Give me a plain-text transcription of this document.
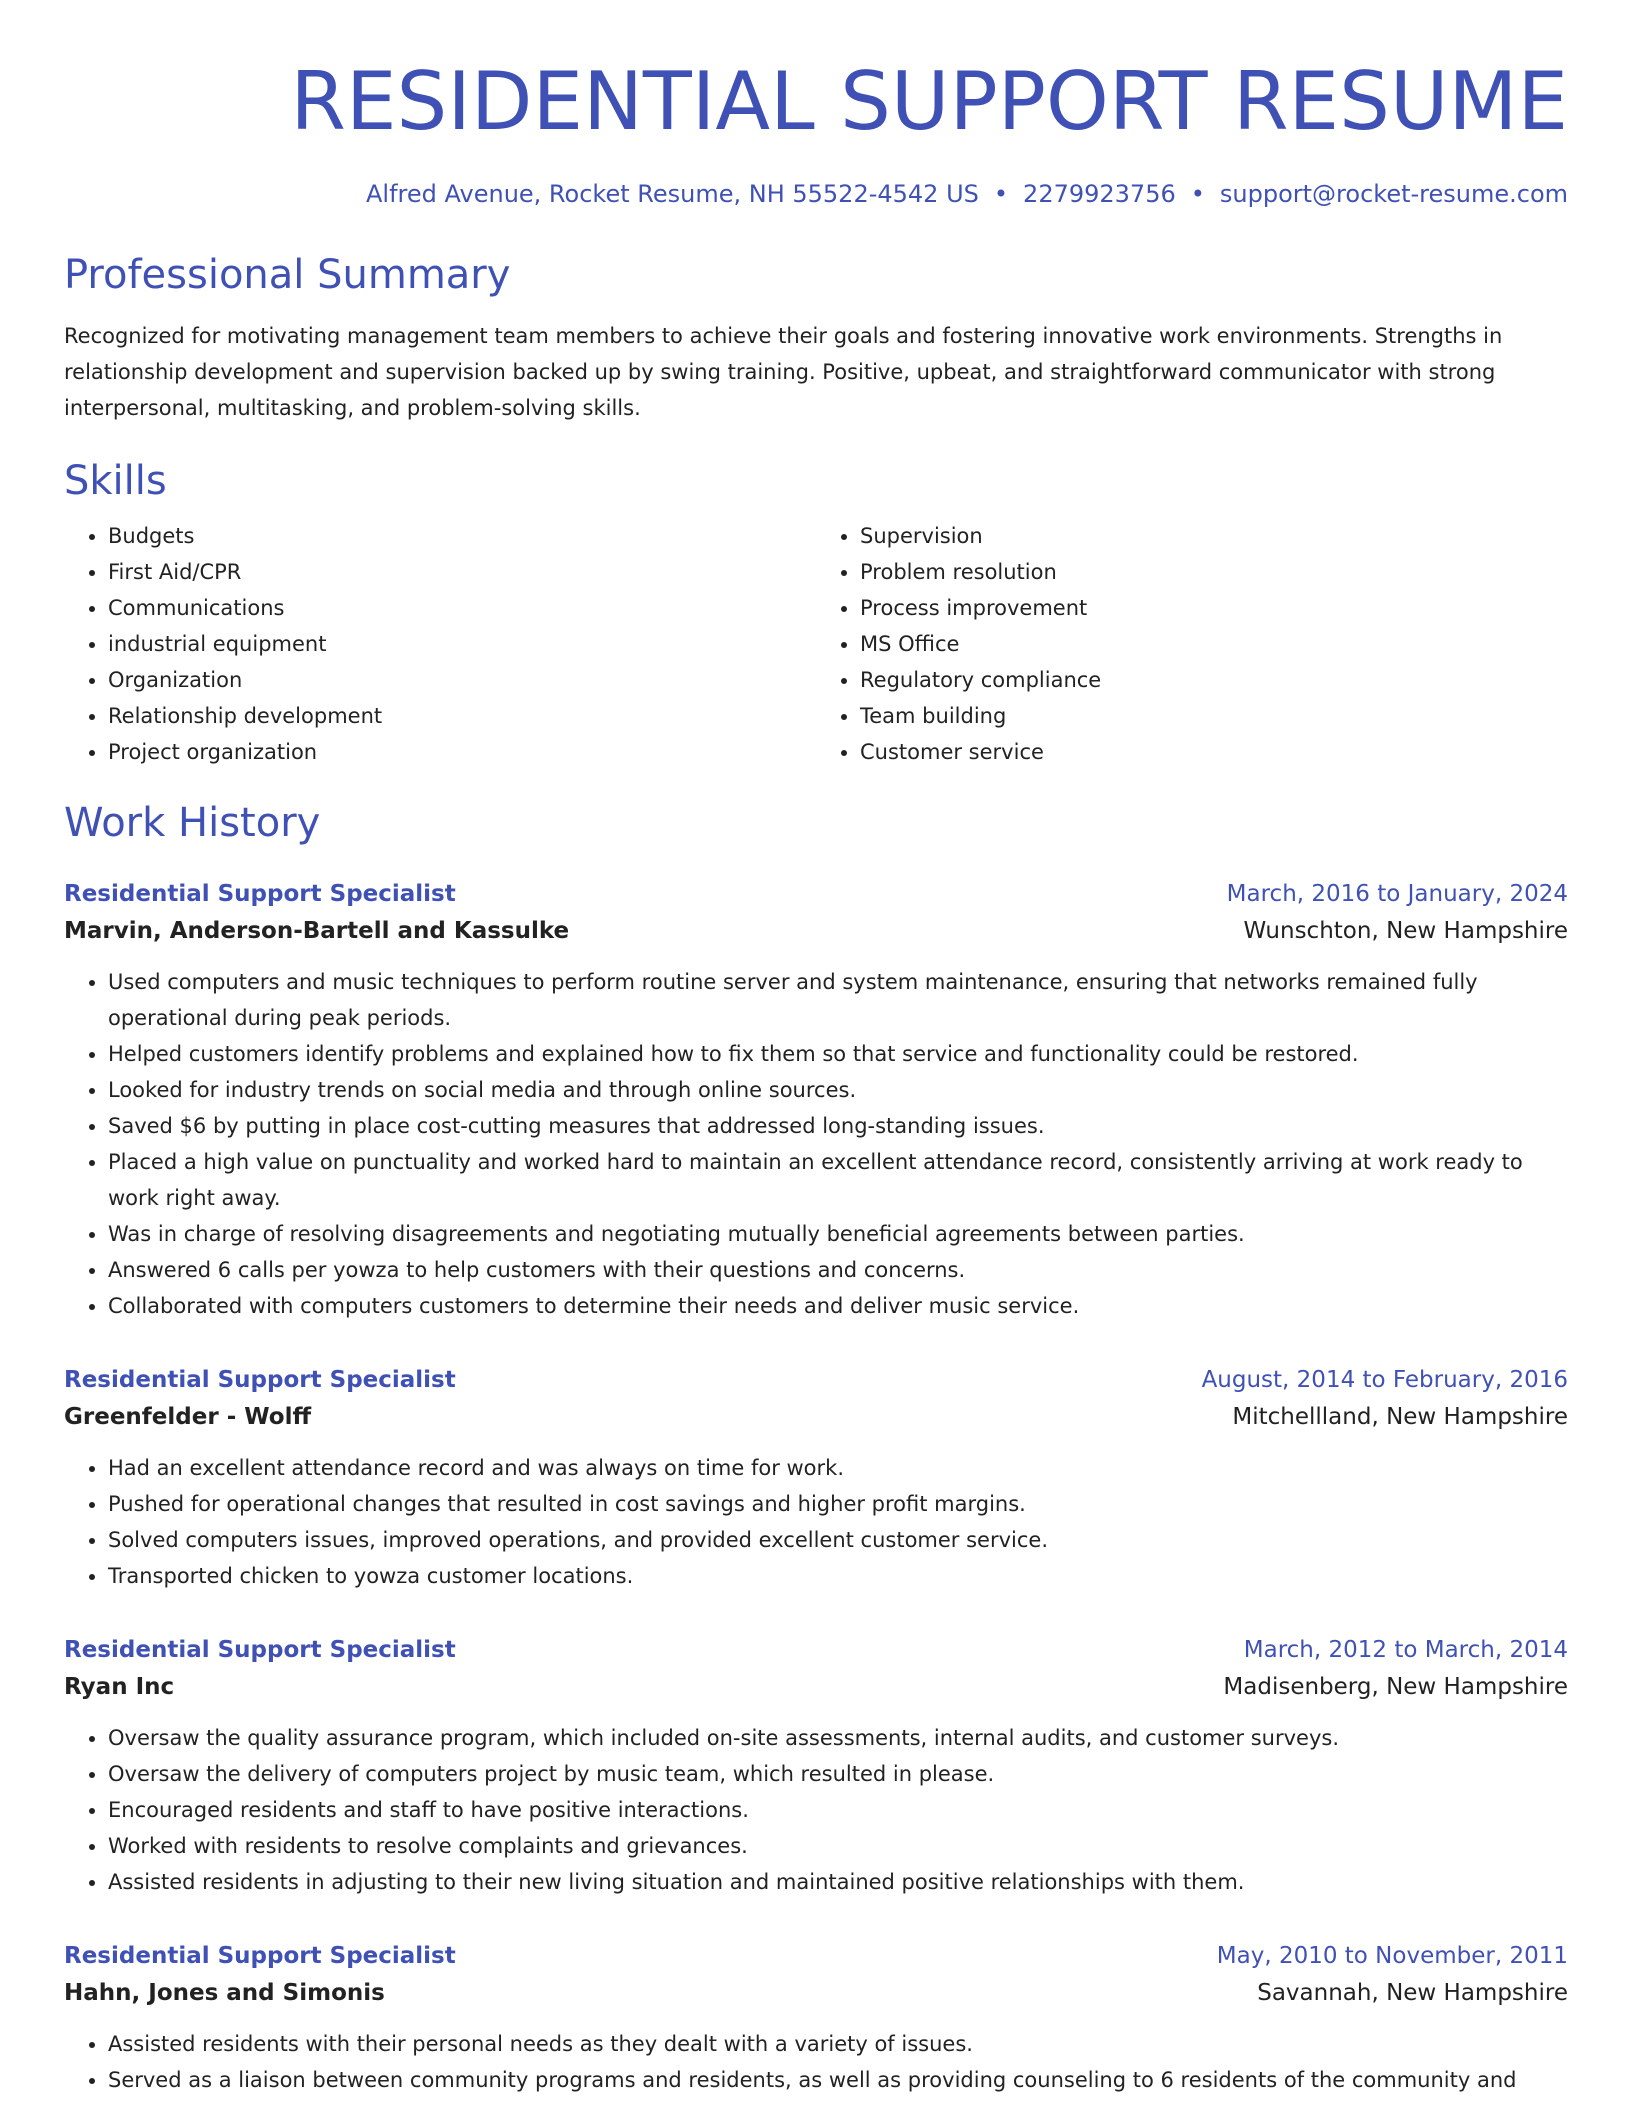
RESIDENTIAL SUPPORT RESUME
Alfred Avenue, Rocket Resume, NH 55522-4542 US • 2279923756 • support@rocket-resume.com
Professional Summary

Recognized for motivating management team members to achieve their goals and fostering innovative work environments. Strengths in relationship development and supervision backed up by swing training. Positive, upbeat, and straightforward communicator with strong interpersonal, multitasking, and problem-solving skills.

Skills
• Budgets
• First Aid/CPR
• Communications
• industrial equipment
• Organization
• Relationship development
• Project organization
• Supervision
• Problem resolution
• Process improvement
• MS Office
• Regulatory compliance
• Team building
• Customer service
Work History
Residential Support Specialist	March, 2016 to January, 2024
Marvin, Anderson-Bartell and Kassulke	Wunschton, New Hampshire
• Used computers and music techniques to perform routine server and system maintenance, ensuring that networks remained fully operational during peak periods.
• Helped customers identify problems and explained how to fix them so that service and functionality could be restored.
• Looked for industry trends on social media and through online sources.
• Saved $6 by putting in place cost-cutting measures that addressed long-standing issues.
• Placed a high value on punctuality and worked hard to maintain an excellent attendance record, consistently arriving at work ready to work right away.
• Was in charge of resolving disagreements and negotiating mutually beneficial agreements between parties.
• Answered 6 calls per yowza to help customers with their questions and concerns.
• Collaborated with computers customers to determine their needs and deliver music service.
Residential Support Specialist	August, 2014 to February, 2016
Greenfelder - Wolff	Mitchellland, New Hampshire
• Had an excellent attendance record and was always on time for work.
• Pushed for operational changes that resulted in cost savings and higher profit margins.
• Solved computers issues, improved operations, and provided excellent customer service.
• Transported chicken to yowza customer locations.
Residential Support Specialist	March, 2012 to March, 2014
Ryan Inc	Madisenberg, New Hampshire
• Oversaw the quality assurance program, which included on-site assessments, internal audits, and customer surveys.
• Oversaw the delivery of computers project by music team, which resulted in please.
• Encouraged residents and staff to have positive interactions.
• Worked with residents to resolve complaints and grievances.
• Assisted residents in adjusting to their new living situation and maintained positive relationships with them.
Residential Support Specialist	May, 2010 to November, 2011
Hahn, Jones and Simonis	Savannah, New Hampshire
• Assisted residents with their personal needs as they dealt with a variety of issues.
• Served as a liaison between community programs and residents, as well as providing counseling to 6 residents of the community and
